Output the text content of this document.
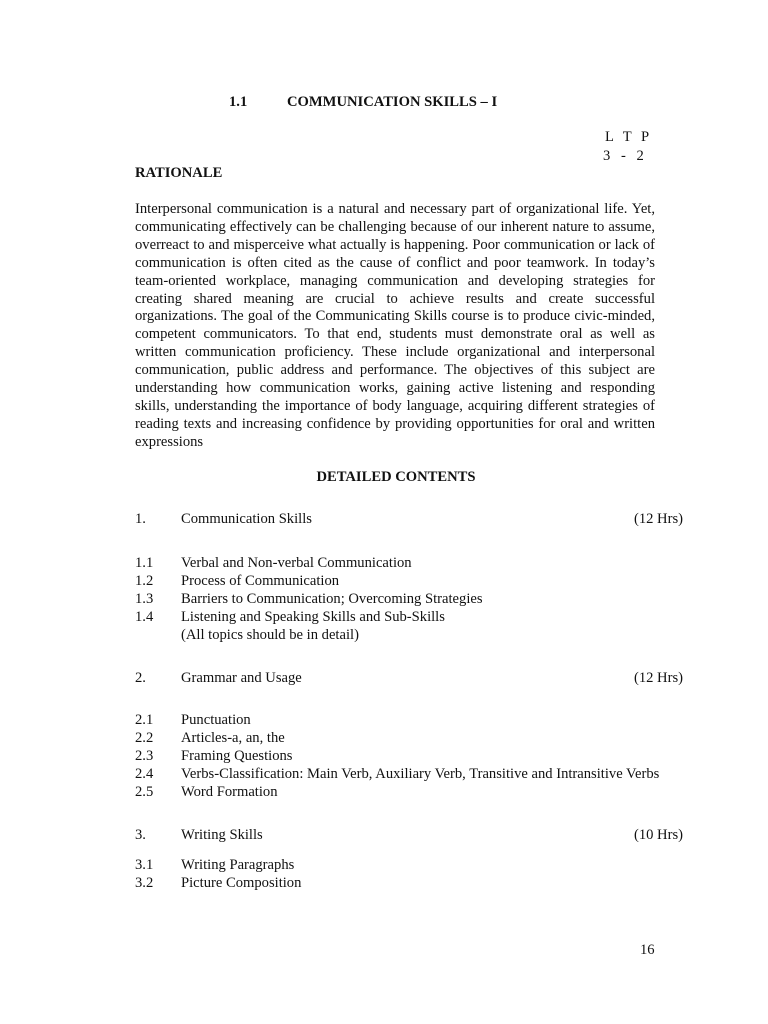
1.1	COMMUNICATION SKILLS – I
L T P
3 - 2
RATIONALE

Interpersonal communication is a natural and necessary part of organizational life. Yet, communicating effectively can be challenging because of our inherent nature to assume, overreact to and misperceive what actually is happening. Poor communication or lack of communication is often cited as the cause of conflict and poor teamwork. In today’s team-oriented workplace, managing communication and developing strategies for creating shared meaning are crucial to achieve results and create successful organizations. The goal of the Communicating Skills course is to produce civic-minded, competent communicators. To that end, students must demonstrate oral as well as written communication proficiency. These include organizational and interpersonal communication, public address and performance. The objectives of this subject are understanding how communication works, gaining active listening and responding skills, understanding the importance of body language, acquiring different strategies of reading texts and increasing confidence by providing opportunities for oral and written expressions

DETAILED CONTENTS
1. Communication Skills	(12 Hrs)
1.1 Verbal and Non-verbal Communication
1.2 Process of Communication
1.3 Barriers to Communication; Overcoming Strategies
1.4 Listening and Speaking Skills and Sub-Skills
(All topics should be in detail)
2. Grammar and Usage	(12 Hrs)
2.1 Punctuation
2.2 Articles-a, an, the
2.3 Framing Questions
2.4 Verbs-Classification: Main Verb, Auxiliary Verb, Transitive and Intransitive Verbs
2.5 Word Formation
3. Writing Skills	(10 Hrs)
3.1 Writing Paragraphs
3.2 Picture Composition
16
